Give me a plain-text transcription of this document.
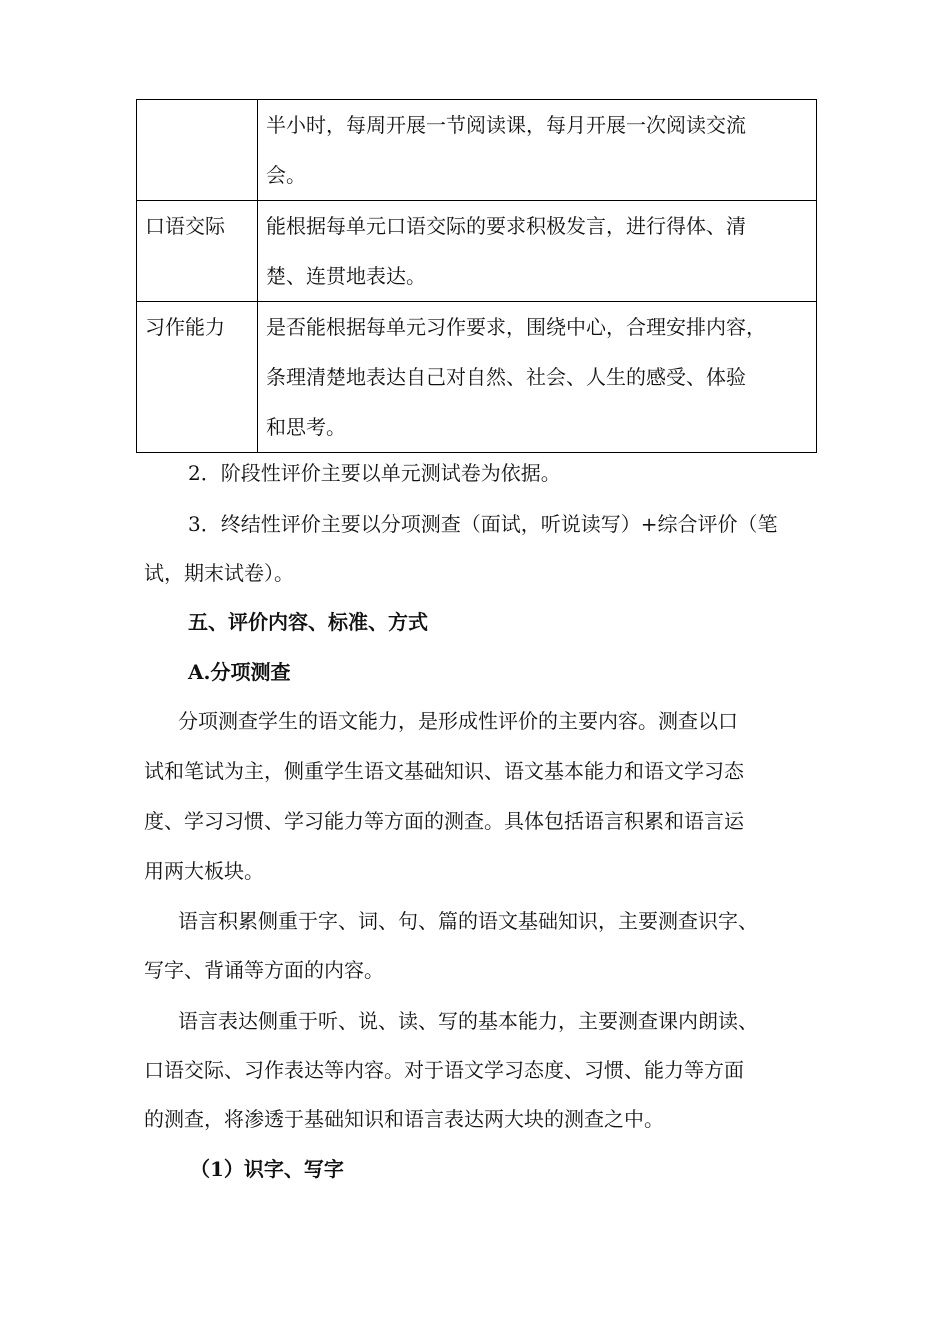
	半小时，每周开展一节阅读课，每月开展一次阅读交流
会。

口语交际	能根据每单元口语交际的要求积极发言，进行得体、清
楚、连贯地表达。

习作能力	是否能根据每单元习作要求，围绕中心，合理安排内容，
条理清楚地表达自己对自然、社会、人生的感受、体验
和思考。
2．阶段性评价主要以单元测试卷为依据。
3．终结性评价主要以分项测查（面试，听说读写）+综合评价（笔
试，期末试卷）。
五、评价内容、标准、方式
A.分项测查
分项测查学生的语文能力，是形成性评价的主要内容。测查以口
试和笔试为主，侧重学生语文基础知识、语文基本能力和语文学习态
度、学习习惯、学习能力等方面的测查。具体包括语言积累和语言运
用两大板块。
语言积累侧重于字、词、句、篇的语文基础知识，主要测查识字、
写字、背诵等方面的内容。
语言表达侧重于听、说、读、写的基本能力，主要测查课内朗读、
口语交际、习作表达等内容。对于语文学习态度、习惯、能力等方面
的测查，将渗透于基础知识和语言表达两大块的测查之中。
（1）识字、写字
